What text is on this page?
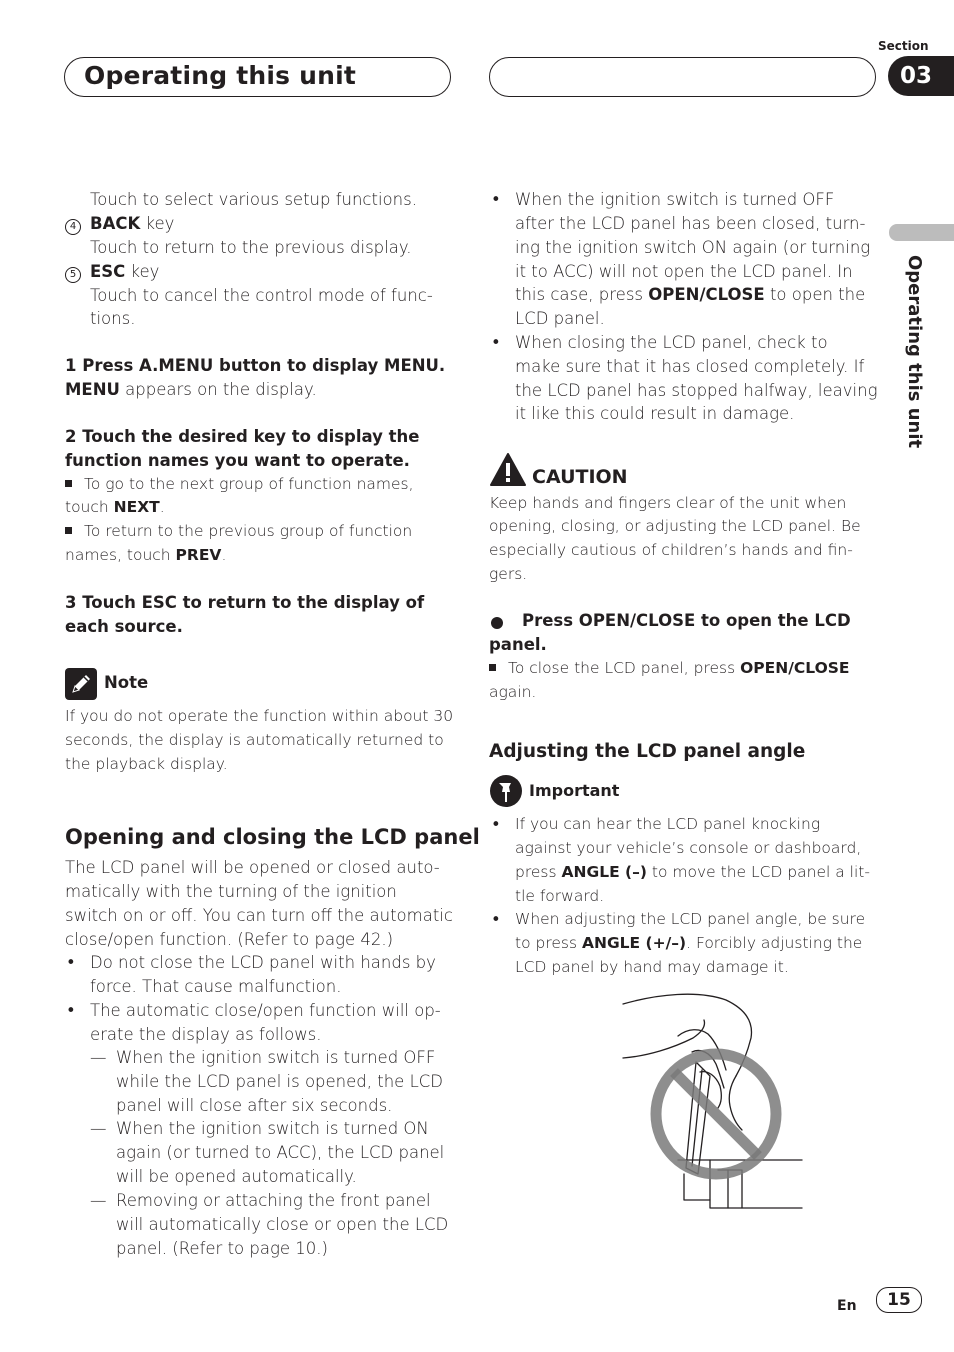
Operating this unit
Section
03
Operating this unit
Touch to select various setup functions.
4 BACK key
Touch to return to the previous display.
5 ESC key
Touch to cancel the control mode of func-
tions.
1 Press A.MENU button to display MENU.
MENU appears on the display.
2 Touch the desired key to display the
function names you want to operate.
To go to the next group of function names,
touch NEXT.
To return to the previous group of function
names, touch PREV.
3 Touch ESC to return to the display of
each source.
Note
If you do not operate the function within about 30
seconds, the display is automatically returned to
the playback display.
Opening and closing the LCD panel
The LCD panel will be opened or closed auto-
matically with the turning of the ignition
switch on or off. You can turn off the automatic
close/open function. (Refer to page 42.)
• Do not close the LCD panel with hands by
force. That cause malfunction.
• The automatic close/open function will op-
erate the display as follows.
— When the ignition switch is turned OFF
while the LCD panel is opened, the LCD
panel will close after six seconds.
— When the ignition switch is turned ON
again (or turned to ACC), the LCD panel
will be opened automatically.
— Removing or attaching the front panel
will automatically close or open the LCD
panel. (Refer to page 10.)
• When the ignition switch is turned OFF
after the LCD panel has been closed, turn-
ing the ignition switch ON again (or turning
it to ACC) will not open the LCD panel. In
this case, press OPEN/CLOSE to open the
LCD panel.
• When closing the LCD panel, check to
make sure that it has closed completely. If
the LCD panel has stopped halfway, leaving
it like this could result in damage.
CAUTION
Keep hands and fingers clear of the unit when
opening, closing, or adjusting the LCD panel. Be
especially cautious of children’s hands and fin-
gers.
Press OPEN/CLOSE to open the LCD
panel.
To close the LCD panel, press OPEN/CLOSE
again.
Adjusting the LCD panel angle
Important
• If you can hear the LCD panel knocking
against your vehicle’s console or dashboard,
press ANGLE (–) to move the LCD panel a lit-
tle forward.
• When adjusting the LCD panel angle, be sure
to press ANGLE (+/–). Forcibly adjusting the
LCD panel by hand may damage it.
En	15
